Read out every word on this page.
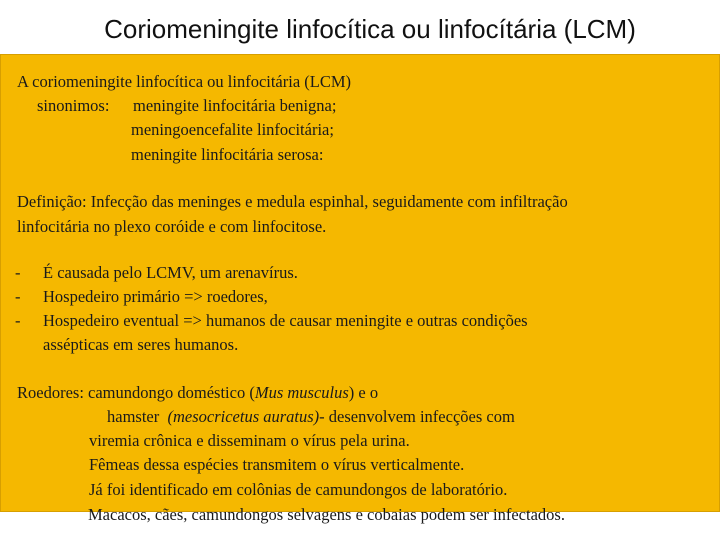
Coriomeningite linfocítica ou linfocítária (LCM)
A coriomeningite linfocítica ou linfocitária (LCM)
sinonimos: meningite linfocitária benigna;
meningoencefalite linfocitária;
meningite linfocitária serosa:
Definição: Infecção das meninges e medula espinhal, seguidamente com infiltração
linfocitária no plexo coróide e com linfocitose.
-	É causada pelo LCMV, um arenavírus.
-	Hospedeiro primário => roedores,
-	Hospedeiro eventual => humanos de causar meningite e outras condições
assépticas em seres humanos.
Roedores: camundongo doméstico (Mus musculus) e o
hamster (mesocricetus auratus)- desenvolvem infecções com
viremia crônica e disseminam o vírus pela urina.
Fêmeas dessa espécies transmitem o vírus verticalmente.
Já foi identificado em colônias de camundongos de laboratório.
Macacos, cães, camundongos selvagens e cobaias podem ser infectados.
